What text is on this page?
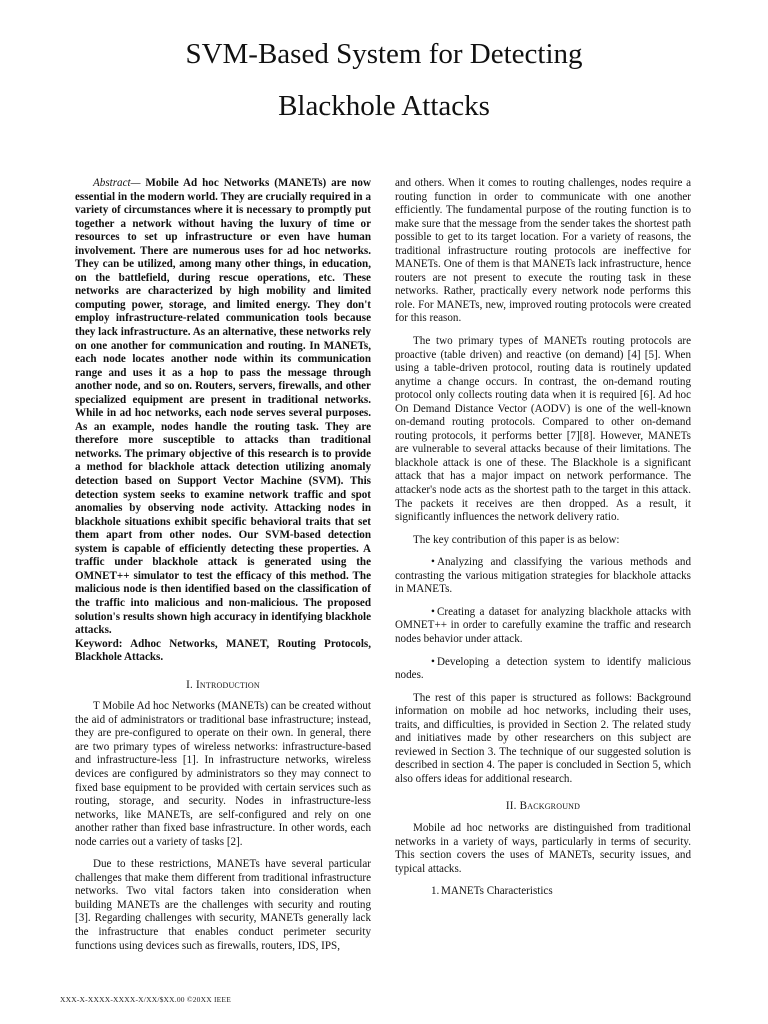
SVM-Based System for Detecting
Blackhole Attacks

Abstract— Mobile Ad hoc Networks (MANETs) are now essential in the modern world. They are crucially required in a variety of circumstances where it is necessary to promptly put together a network without having the luxury of time or resources to set up infrastructure or even have human involvement. There are numerous uses for ad hoc networks. They can be utilized, among many other things, in education, on the battlefield, during rescue operations, etc. These networks are characterized by high mobility and limited computing power, storage, and limited energy. They don't employ infrastructure-related communication tools because they lack infrastructure. As an alternative, these networks rely on one another for communication and routing. In MANETs, each node locates another node within its communication range and uses it as a hop to pass the message through another node, and so on. Routers, servers, firewalls, and other specialized equipment are present in traditional networks. While in ad hoc networks, each node serves several purposes. As an example, nodes handle the routing task. They are therefore more susceptible to attacks than traditional networks. The primary objective of this research is to provide a method for blackhole attack detection utilizing anomaly detection based on Support Vector Machine (SVM). This detection system seeks to examine network traffic and spot anomalies by observing node activity. Attacking nodes in blackhole situations exhibit specific behavioral traits that set them apart from other nodes. Our SVM-based detection system is capable of efficiently detecting these properties. A traffic under blackhole attack is generated using the OMNET++ simulator to test the efficacy of this method. The malicious node is then identified based on the classification of the traffic into malicious and non-malicious. The proposed solution's results shown high accuracy in identifying blackhole attacks.

Keyword: Adhoc Networks, MANET, Routing Protocols, Blackhole Attacks.

I. Introduction

T Mobile Ad hoc Networks (MANETs) can be created without the aid of administrators or traditional base infrastructure; instead, they are pre-configured to operate on their own. In general, there are two primary types of wireless networks: infrastructure-based and infrastructure-less [1]. In infrastructure networks, wireless devices are configured by administrators so they may connect to fixed base equipment to be provided with certain services such as routing, storage, and security. Nodes in infrastructure-less networks, like MANETs, are self-configured and rely on one another rather than fixed base infrastructure. In other words, each node carries out a variety of tasks [2].

Due to these restrictions, MANETs have several particular challenges that make them different from traditional infrastructure networks. Two vital factors taken into consideration when building MANETs are the challenges with security and routing [3]. Regarding challenges with security, MANETs generally lack the infrastructure that enables conduct perimeter security functions using devices such as firewalls, routers, IDS, IPS,

and others. When it comes to routing challenges, nodes require a routing function in order to communicate with one another efficiently. The fundamental purpose of the routing function is to make sure that the message from the sender takes the shortest path possible to get to its target location. For a variety of reasons, the traditional infrastructure routing protocols are ineffective for MANETs. One of them is that MANETs lack infrastructure, hence routers are not present to execute the routing task in these networks. Rather, practically every network node performs this role. For MANETs, new, improved routing protocols were created for this reason.

The two primary types of MANETs routing protocols are proactive (table driven) and reactive (on demand) [4] [5]. When using a table-driven protocol, routing data is routinely updated anytime a change occurs. In contrast, the on-demand routing protocol only collects routing data when it is required [6]. Ad hoc On Demand Distance Vector (AODV) is one of the well-known on-demand routing protocols. Compared to other on-demand routing protocols, it performs better [7][8]. However, MANETs are vulnerable to several attacks because of their limitations. The blackhole attack is one of these. The Blackhole is a significant attack that has a major impact on network performance. The attacker's node acts as the shortest path to the target in this attack. The packets it receives are then dropped. As a result, it significantly influences the network delivery ratio.

The key contribution of this paper is as below:

• Analyzing and classifying the various methods and contrasting the various mitigation strategies for blackhole attacks in MANETs.

• Creating a dataset for analyzing blackhole attacks with OMNET++ in order to carefully examine the traffic and research nodes behavior under attack.

• Developing a detection system to identify malicious nodes.

The rest of this paper is structured as follows: Background information on mobile ad hoc networks, including their uses, traits, and difficulties, is provided in Section 2. The related study and initiatives made by other researchers on this subject are reviewed in Section 3. The technique of our suggested solution is described in section 4. The paper is concluded in Section 5, which also offers ideas for additional research.

II. Background

Mobile ad hoc networks are distinguished from traditional networks in a variety of ways, particularly in terms of security. This section covers the uses of MANETs, security issues, and typical attacks.

1. MANETs Characteristics

XXX-X-XXXX-XXXX-X/XX/$XX.00 ©20XX IEEE
